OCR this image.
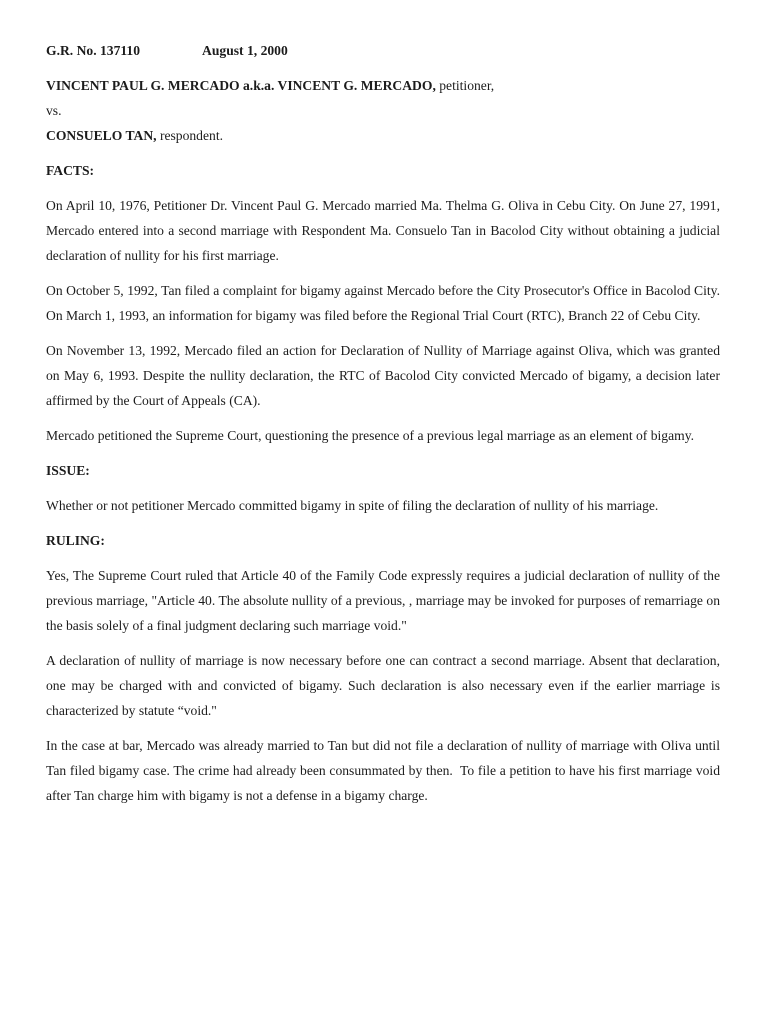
G.R. No. 137110	August 1, 2000

VINCENT PAUL G. MERCADO a.k.a. VINCENT G. MERCADO, petitioner,

vs.

CONSUELO TAN, respondent.

FACTS:

On April 10, 1976, Petitioner Dr. Vincent Paul G. Mercado married Ma. Thelma G. Oliva in Cebu City. On June 27, 1991, Mercado entered into a second marriage with Respondent Ma. Consuelo Tan in Bacolod City without obtaining a judicial declaration of nullity for his first marriage.

On October 5, 1992, Tan filed a complaint for bigamy against Mercado before the City Prosecutor's Office in Bacolod City. On March 1, 1993, an information for bigamy was filed before the Regional Trial Court (RTC), Branch 22 of Cebu City.

On November 13, 1992, Mercado filed an action for Declaration of Nullity of Marriage against Oliva, which was granted on May 6, 1993. Despite the nullity declaration, the RTC of Bacolod City convicted Mercado of bigamy, a decision later affirmed by the Court of Appeals (CA).

Mercado petitioned the Supreme Court, questioning the presence of a previous legal marriage as an element of bigamy.

ISSUE:

Whether or not petitioner Mercado committed bigamy in spite of filing the declaration of nullity of his marriage.

RULING:

Yes, The Supreme Court ruled that Article 40 of the Family Code expressly requires a judicial declaration of nullity of the previous marriage, "Article 40. The absolute nullity of a previous, , marriage may be invoked for purposes of remarriage on the basis solely of a final judgment declaring such marriage void."

A declaration of nullity of marriage is now necessary before one can contract a second marriage. Absent that declaration, one may be charged with and convicted of bigamy. Such declaration is also necessary even if the earlier marriage is characterized by statute “void."

In the case at bar, Mercado was already married to Tan but did not file a declaration of nullity of marriage with Oliva until Tan filed bigamy case. The crime had already been consummated by then.  To file a petition to have his first marriage void after Tan charge him with bigamy is not a defense in a bigamy charge.
